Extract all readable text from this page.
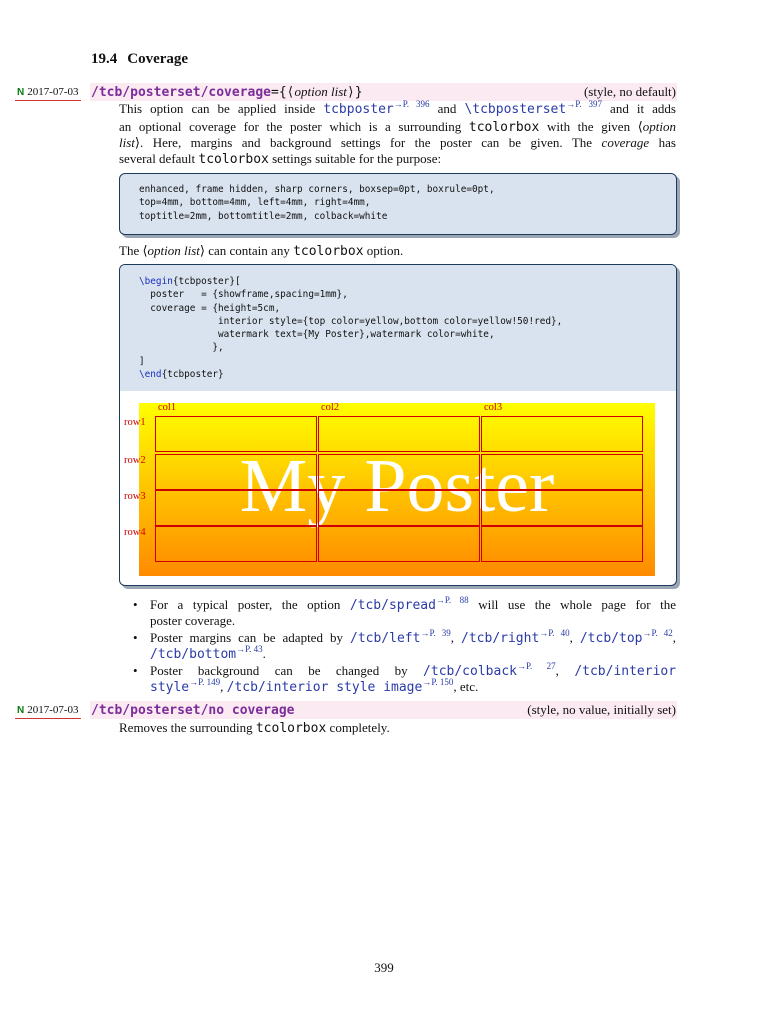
19.4 Coverage
N 2017-07-03 /tcb/posterset/coverage={⟨option list⟩}	(style, no default)
This option can be applied inside tcbposter$^{\to P. 396}$ and \tcbposterset$^{\to P. 397}$ and it adds
an optional coverage for the poster which is a surrounding tcolorbox with the given ⟨option
list⟩. Here, margins and background settings for the poster can be given. The coverage has
several default tcolorbox settings suitable for the purpose:
enhanced, frame hidden, sharp corners, boxsep=0pt, boxrule=0pt,
top=4mm, bottom=4mm, left=4mm, right=4mm,
toptitle=2mm, bottomtitle=2mm, colback=white
The ⟨option list⟩ can contain any tcolorbox option.
\begin{tcbposter}[
poster   = {showframe,spacing=1mm},
coverage = {height=5cm,
interior style={top color=yellow,bottom color=yellow!50!red},
watermark text={My Poster},watermark color=white,
},
]
\end{tcbposter}
My Poster
col1	col2	col3
row1
row2
row3
row4
• For a typical poster, the option /tcb/spread$^{\to P. 88}$ will use the whole page for the
poster coverage.
• Poster margins can be adapted by /tcb/left$^{\to P. 39}$, /tcb/right$^{\to P. 40}$, /tcb/top$^{\to P. 42}$,
/tcb/bottom$^{\to P. 43}$.
• Poster background can be changed by /tcb/colback$^{\to P. 27}$, /tcb/interior
style$^{\to P. 149}$, /tcb/interior style image$^{\to P. 150}$, etc.
N 2017-07-03 /tcb/posterset/no coverage	(style, no value, initially set)
Removes the surrounding tcolorbox completely.
399
